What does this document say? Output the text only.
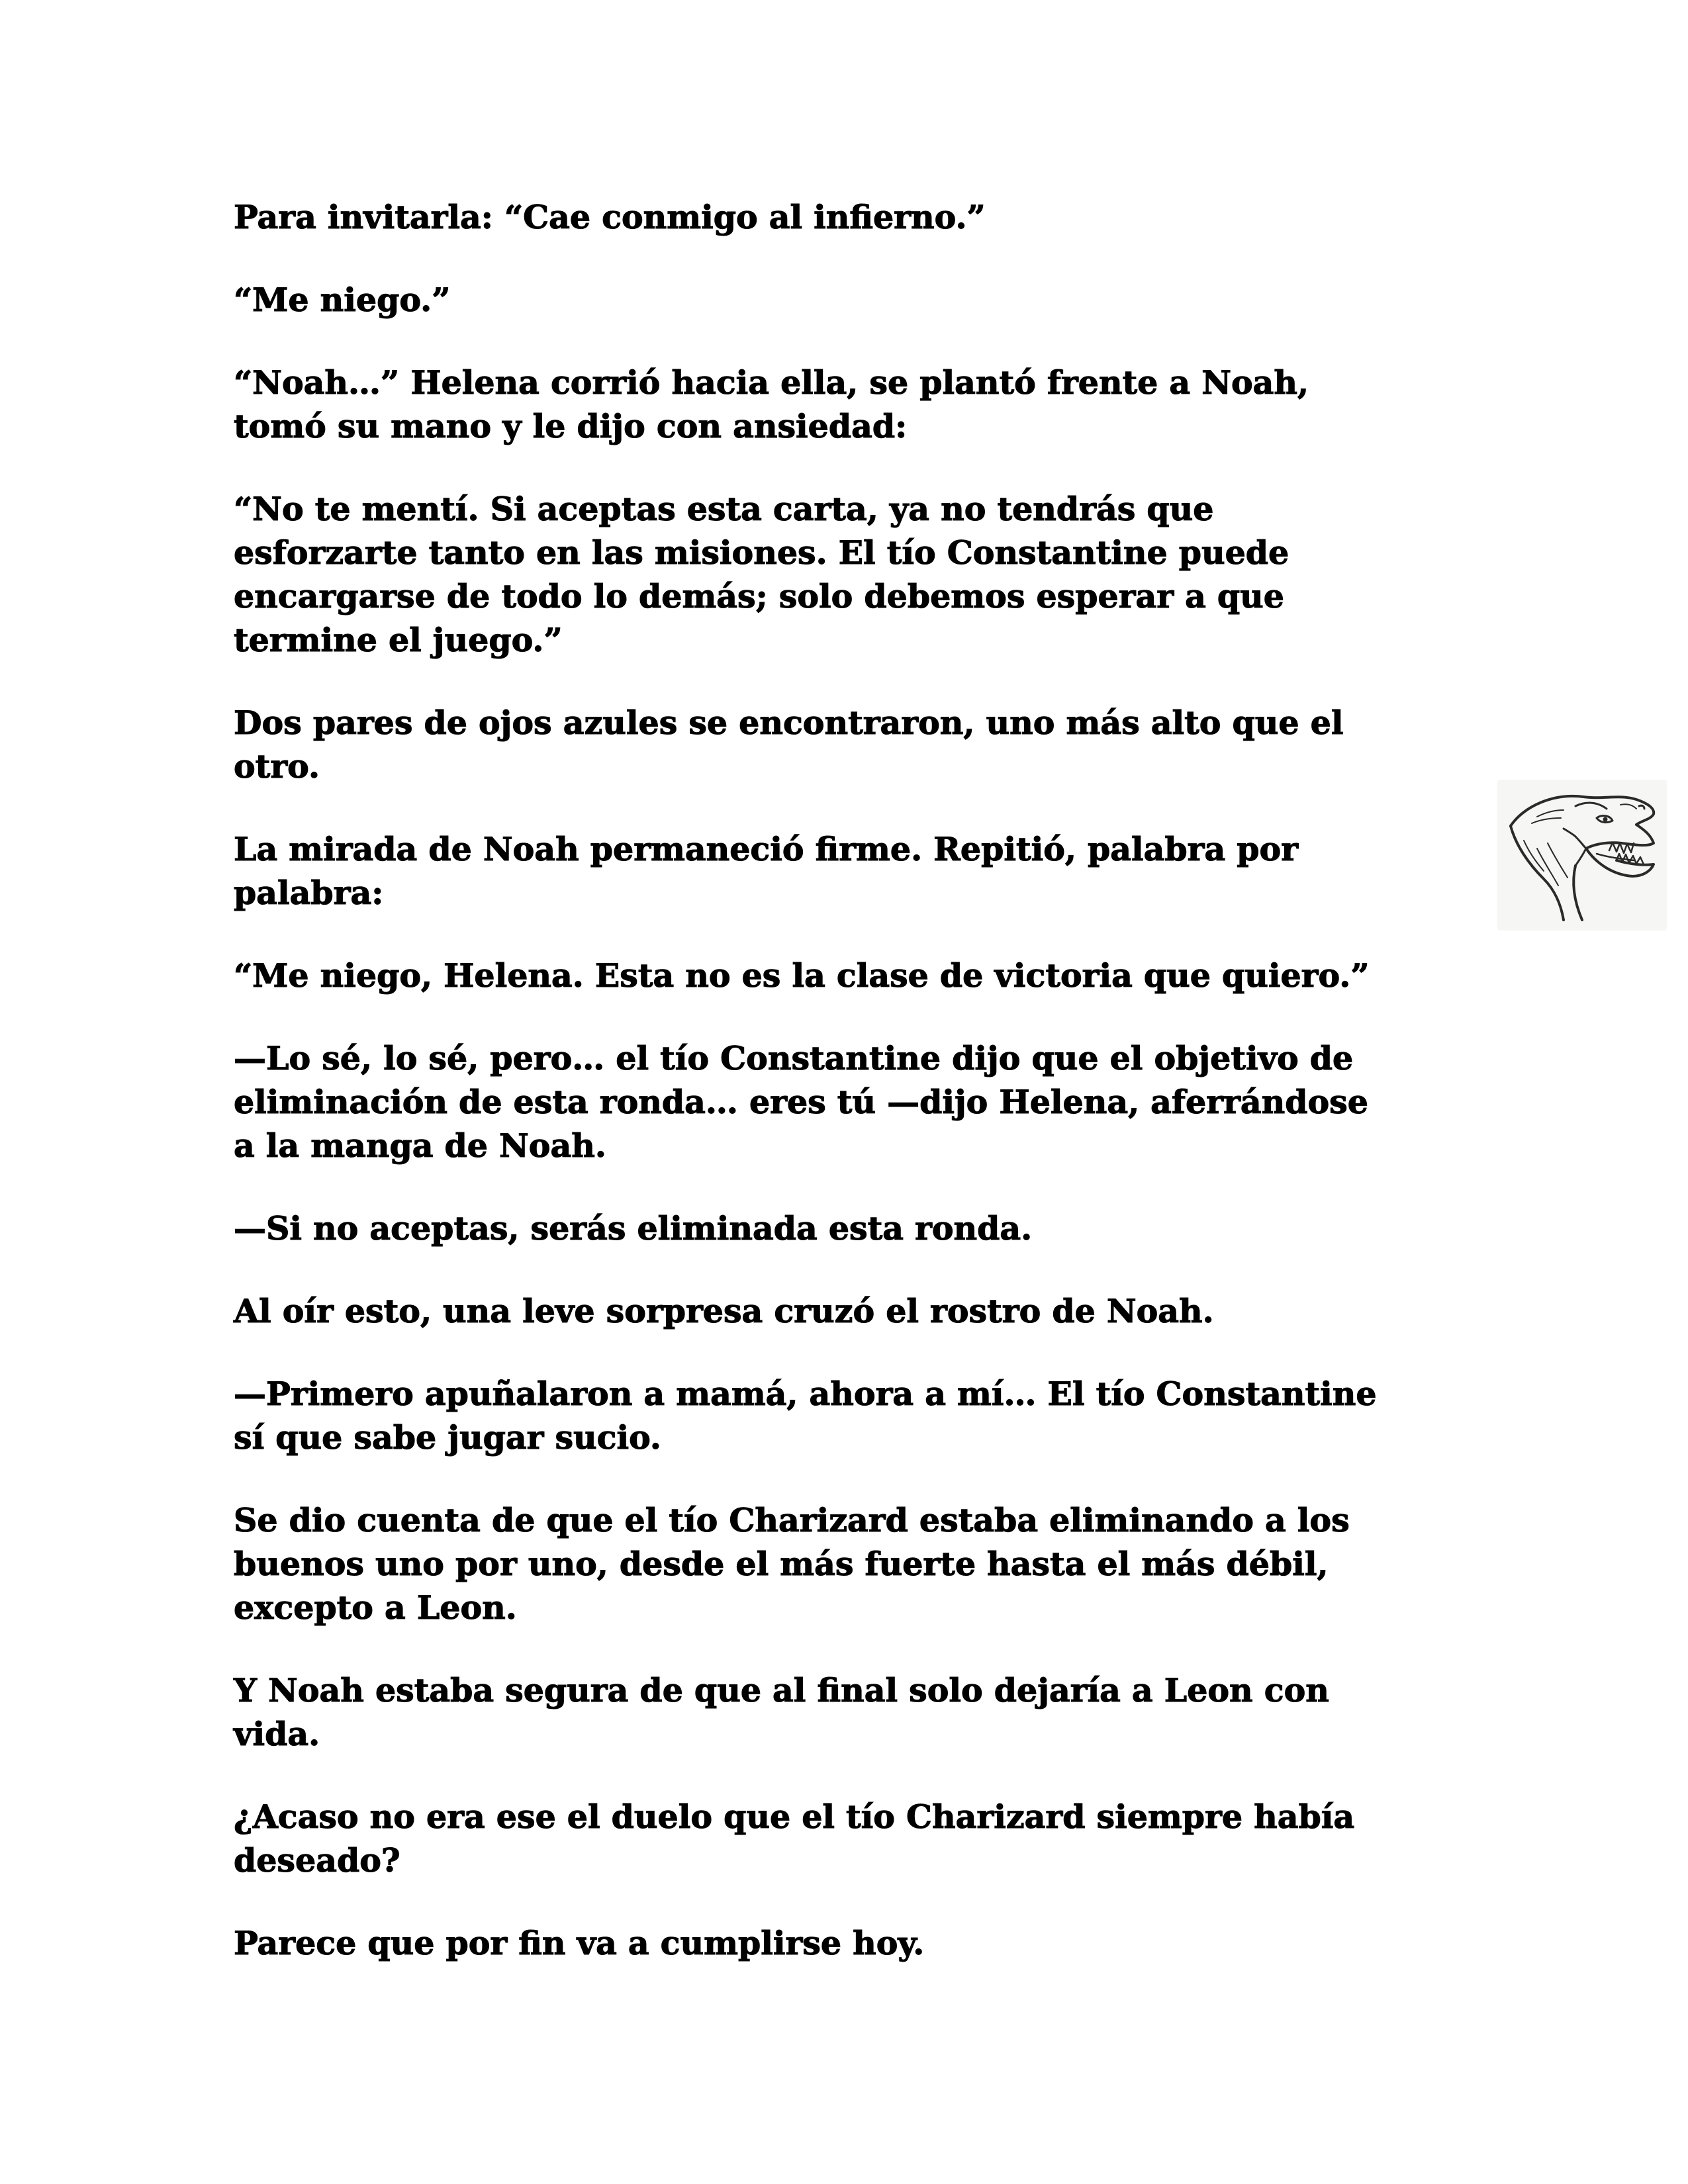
Para invitarla: “Cae conmigo al infierno.”

“Me niego.”

“Noah…” Helena corrió hacia ella, se plantó frente a Noah,
tomó su mano y le dijo con ansiedad:

“No te mentí. Si aceptas esta carta, ya no tendrás que
esforzarte tanto en las misiones. El tío Constantine puede
encargarse de todo lo demás; solo debemos esperar a que
termine el juego.”

Dos pares de ojos azules se encontraron, uno más alto que el
otro.

La mirada de Noah permaneció firme. Repitió, palabra por
palabra:

“Me niego, Helena. Esta no es la clase de victoria que quiero.”

—Lo sé, lo sé, pero… el tío Constantine dijo que el objetivo de
eliminación de esta ronda… eres tú —dijo Helena, aferrándose
a la manga de Noah.

—Si no aceptas, serás eliminada esta ronda.

Al oír esto, una leve sorpresa cruzó el rostro de Noah.

—Primero apuñalaron a mamá, ahora a mí… El tío Constantine
sí que sabe jugar sucio.

Se dio cuenta de que el tío Charizard estaba eliminando a los
buenos uno por uno, desde el más fuerte hasta el más débil,
excepto a Leon.

Y Noah estaba segura de que al final solo dejaría a Leon con
vida.

¿Acaso no era ese el duelo que el tío Charizard siempre había
deseado?

Parece que por fin va a cumplirse hoy.
